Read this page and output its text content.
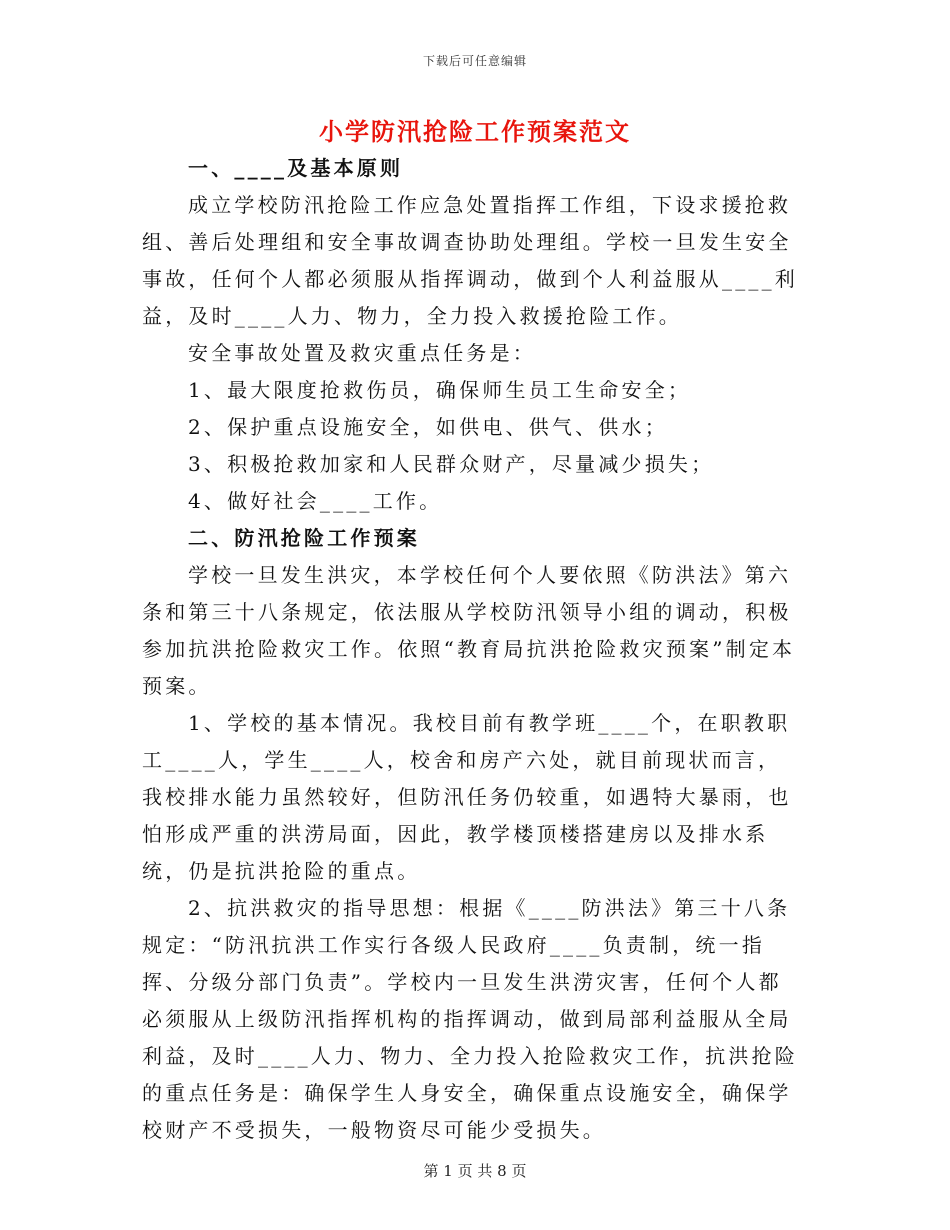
下载后可任意编辑
小学防汛抢险工作预案范文

一、____及基本原则

成立学校防汛抢险工作应急处置指挥工作组，下设求援抢救组、善后处理组和安全事故调查协助处理组。学校一旦发生安全事故，任何个人都必须服从指挥调动，做到个人利益服从____利益，及时____人力、物力，全力投入救援抢险工作。

安全事故处置及救灾重点任务是：

1、最大限度抢救伤员，确保师生员工生命安全；

2、保护重点设施安全，如供电、供气、供水；

3、积极抢救加家和人民群众财产，尽量减少损失；

4、做好社会____工作。

二、防汛抢险工作预案

学校一旦发生洪灾，本学校任何个人要依照《防洪法》第六条和第三十八条规定，依法服从学校防汛领导小组的调动，积极参加抗洪抢险救灾工作。依照“教育局抗洪抢险救灾预案”制定本预案。

1、学校的基本情况。我校目前有教学班____个，在职教职工____人，学生____人，校舍和房产六处，就目前现状而言，我校排水能力虽然较好，但防汛任务仍较重，如遇特大暴雨，也怕形成严重的洪涝局面，因此，教学楼顶楼搭建房以及排水系统，仍是抗洪抢险的重点。

2、抗洪救灾的指导思想：根据《____防洪法》第三十八条规定：“防汛抗洪工作实行各级人民政府____负责制，统一指挥、分级分部门负责”。学校内一旦发生洪涝灾害，任何个人都必须服从上级防汛指挥机构的指挥调动，做到局部利益服从全局利益，及时____人力、物力、全力投入抢险救灾工作，抗洪抢险的重点任务是：确保学生人身安全，确保重点设施安全，确保学校财产不受损失，一般物资尽可能少受损失。

第 1 页 共 8 页
